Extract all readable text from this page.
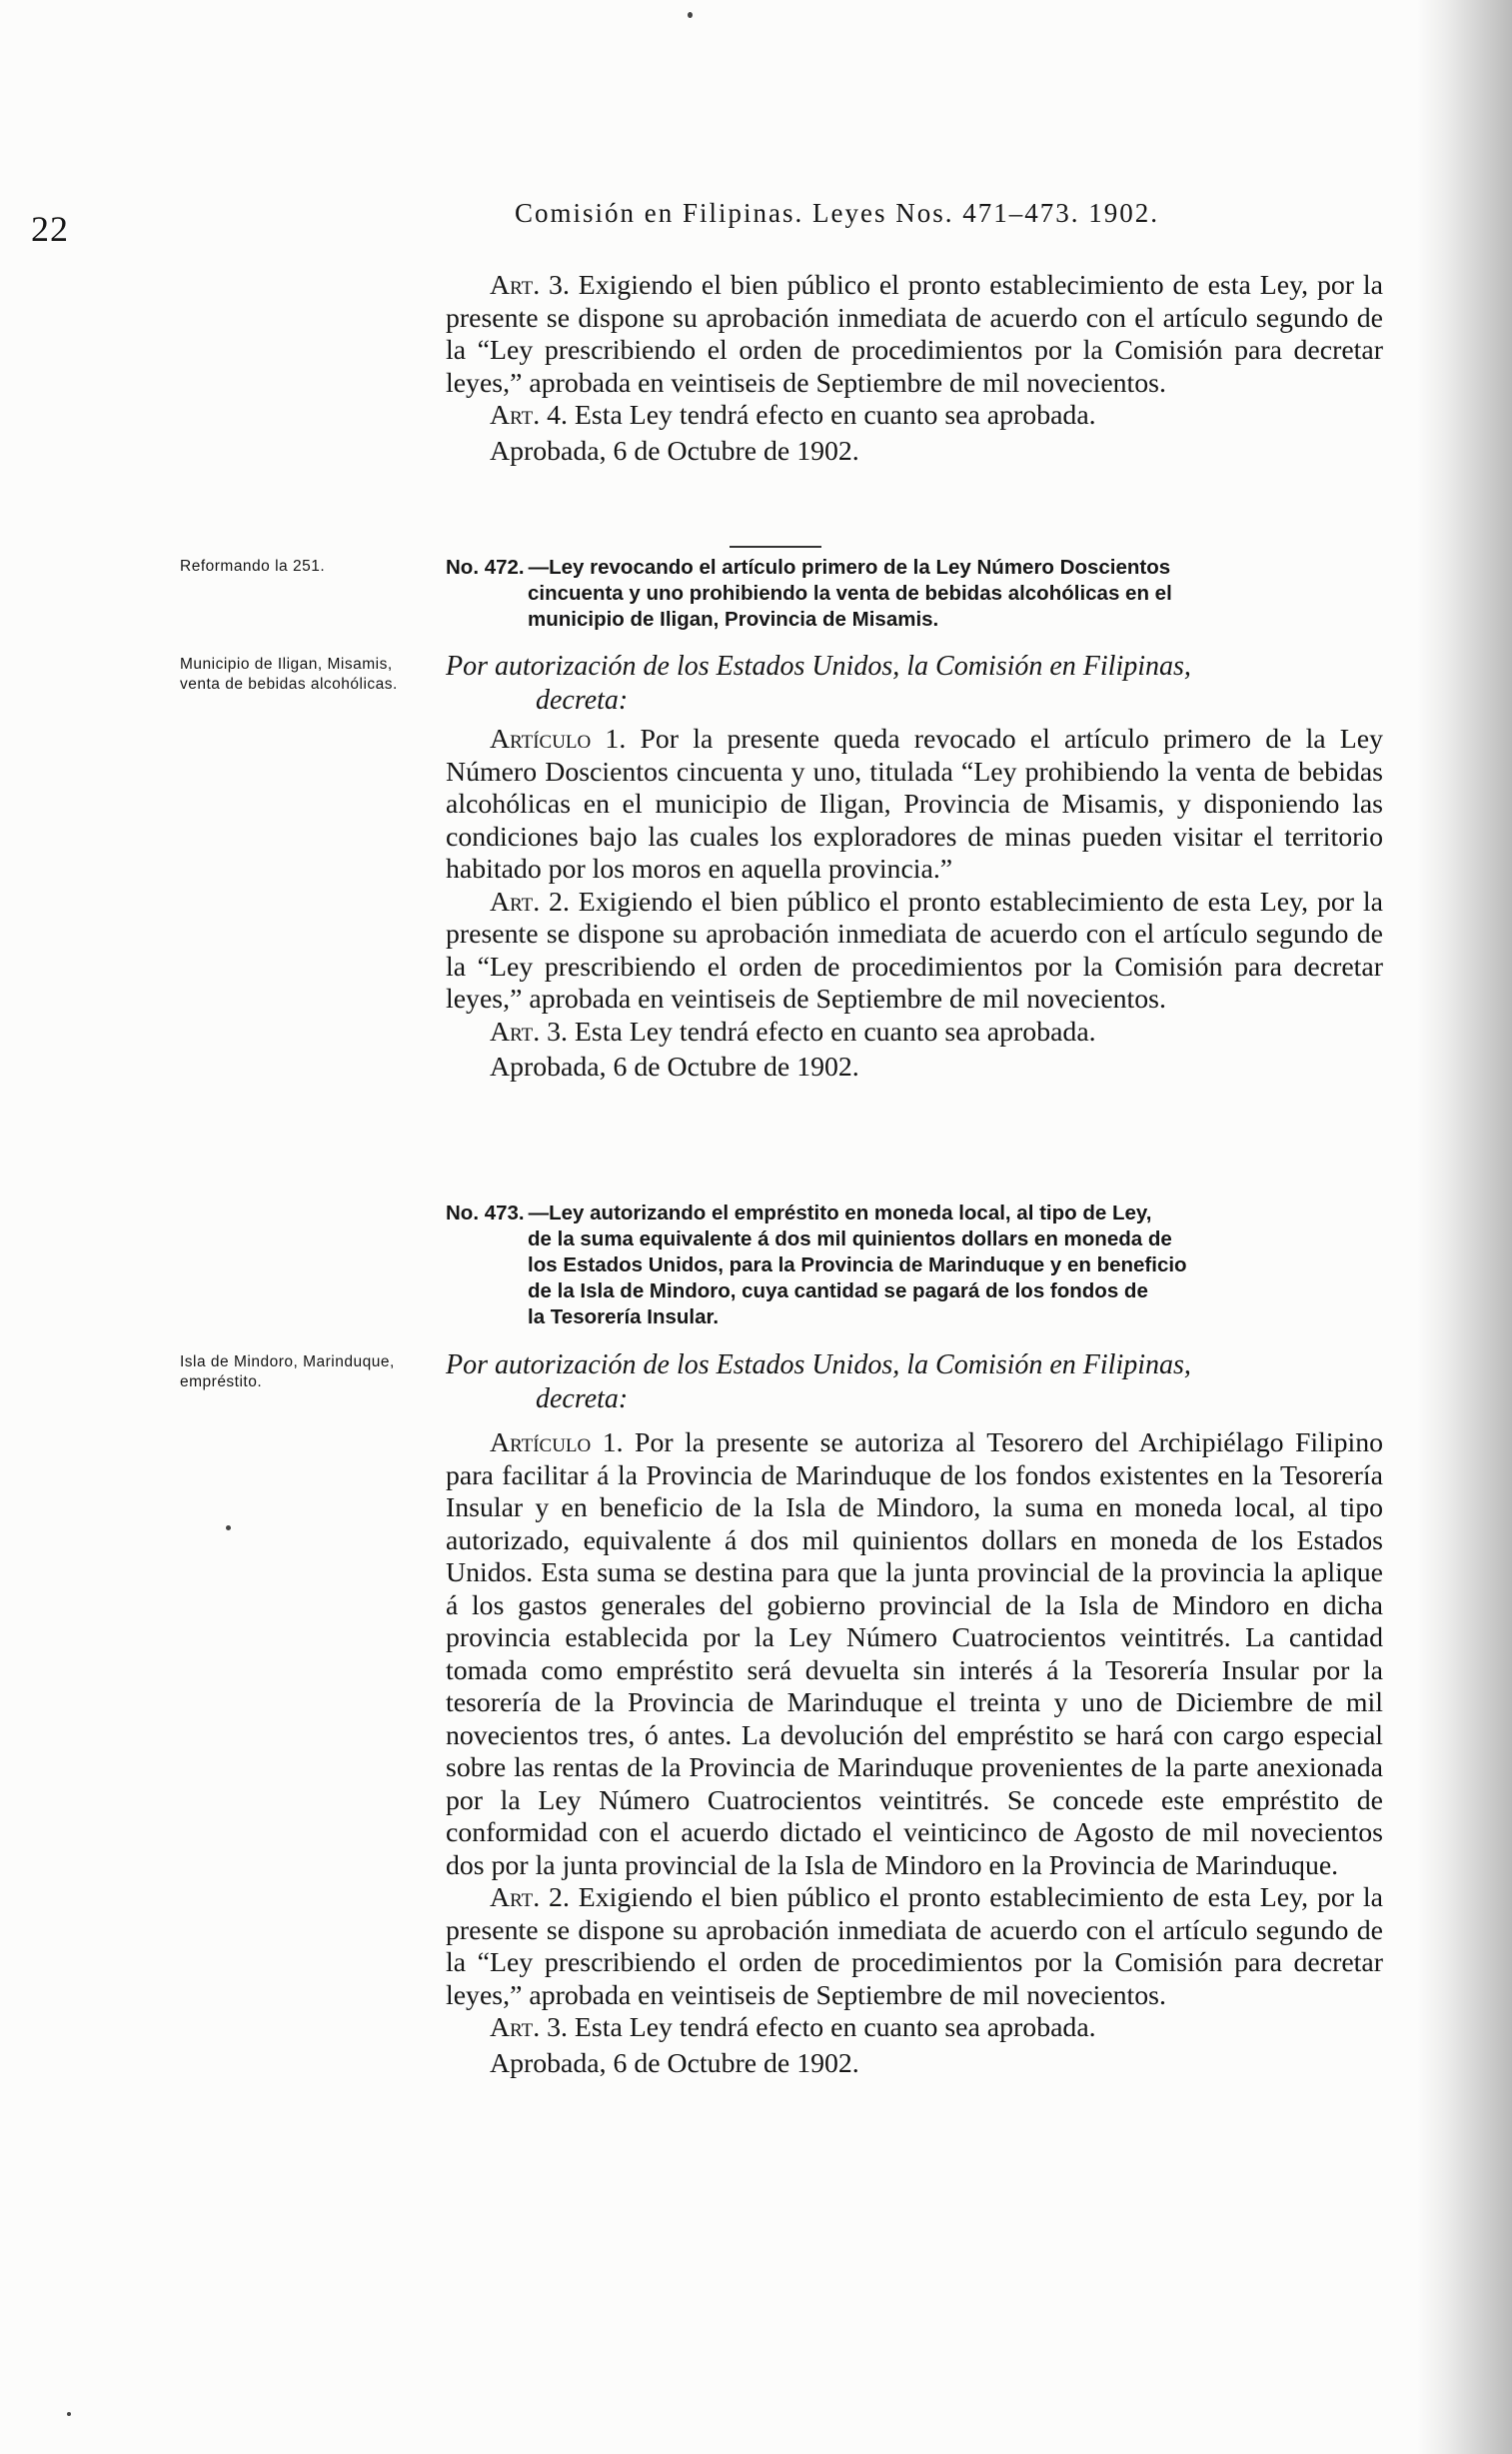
22	Comisión en Filipinas. Leyes Nos. 471–473. 1902.

Art. 3. Exigiendo el bien público el pronto establecimiento de esta Ley, por la presente se dispone su aprobación inmediata de acuerdo con el artículo segundo de la “Ley prescribiendo el orden de procedimientos por la Comisión para decretar leyes,” aprobada en veintiseis de Septiembre de mil novecientos.

Art. 4. Esta Ley tendrá efecto en cuanto sea aprobada.

Aprobada, 6 de Octubre de 1902.

Reformando la 251.	No. 472. —Ley revocando el artículo primero de la Ley Número Doscientos
cincuenta y uno prohibiendo la venta de bebidas alcohólicas en el
municipio de Iligan, Provincia de Misamis.
Municipio de Iligan, Misamis, venta de bebidas alcohólicas.
Por autorización de los Estados Unidos, la Comisión en Filipinas,
decreta:

Artículo 1. Por la presente queda revocado el artículo primero de la Ley Número Doscientos cincuenta y uno, titulada “Ley prohibiendo la venta de bebidas alcohólicas en el municipio de Iligan, Provincia de Misamis, y disponiendo las condiciones bajo las cuales los exploradores de minas pueden visitar el territorio habitado por los moros en aquella provincia.”

Art. 2. Exigiendo el bien público el pronto establecimiento de esta Ley, por la presente se dispone su aprobación inmediata de acuerdo con el artículo segundo de la “Ley prescribiendo el orden de procedimientos por la Comisión para decretar leyes,” aprobada en veintiseis de Septiembre de mil novecientos.

Art. 3. Esta Ley tendrá efecto en cuanto sea aprobada.

Aprobada, 6 de Octubre de 1902.

No. 473. —Ley autorizando el empréstito en moneda local, al tipo de Ley,
de la suma equivalente á dos mil quinientos dollars en moneda de
los Estados Unidos, para la Provincia de Marinduque y en beneficio
de la Isla de Mindoro, cuya cantidad se pagará de los fondos de
la Tesorería Insular.
Isla de Mindoro, Marinduque, empréstito.
Por autorización de los Estados Unidos, la Comisión en Filipinas,
decreta:

Artículo 1. Por la presente se autoriza al Tesorero del Archipiélago Filipino para facilitar á la Provincia de Marinduque de los fondos existentes en la Tesorería Insular y en beneficio de la Isla de Mindoro, la suma en moneda local, al tipo autorizado, equivalente á dos mil quinientos dollars en moneda de los Estados Unidos. Esta suma se destina para que la junta provincial de la provincia la aplique á los gastos generales del gobierno provincial de la Isla de Mindoro en dicha provincia establecida por la Ley Número Cuatrocientos veintitrés. La cantidad tomada como empréstito será devuelta sin interés á la Tesorería Insular por la tesorería de la Provincia de Marinduque el treinta y uno de Diciembre de mil novecientos tres, ó antes. La devolución del empréstito se hará con cargo especial sobre las rentas de la Provincia de Marinduque provenientes de la parte anexionada por la Ley Número Cuatrocientos veintitrés. Se concede este empréstito de conformidad con el acuerdo dictado el veinticinco de Agosto de mil novecientos dos por la junta provincial de la Isla de Mindoro en la Provincia de Marinduque.

Art. 2. Exigiendo el bien público el pronto establecimiento de esta Ley, por la presente se dispone su aprobación inmediata de acuerdo con el artículo segundo de la “Ley prescribiendo el orden de procedimientos por la Comisión para decretar leyes,” aprobada en veintiseis de Septiembre de mil novecientos.

Art. 3. Esta Ley tendrá efecto en cuanto sea aprobada.

Aprobada, 6 de Octubre de 1902.
